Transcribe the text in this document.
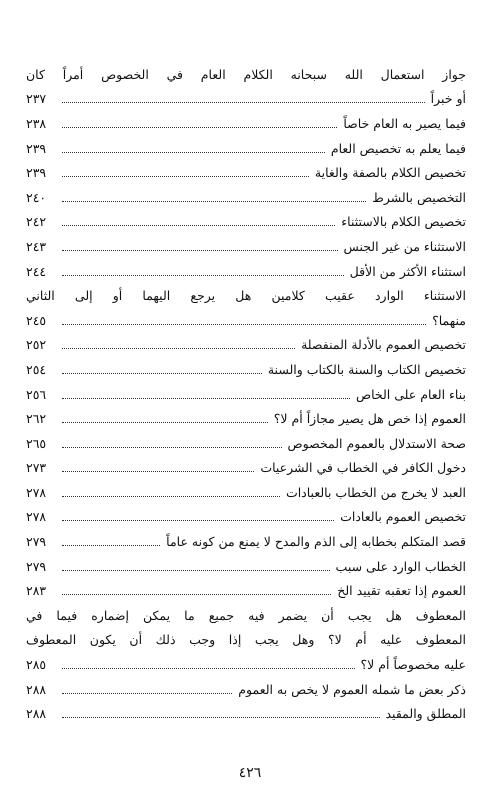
جواز استعمال الله سبحانه الكلام العام في الخصوص أمراً كان
أو خبراً
٢٣٧
فيما يصير به العام خاصاً
٢٣٨
فيما يعلم به تخصيص العام
٢٣٩
تخصيص الكلام بالصفة والغاية
٢٣٩
التخصيص بالشرط
٢٤٠
تخصيص الكلام بالاستثناء
٢٤٢
الاستثناء من غير الجنس
٢٤٣
استثناء الأكثر من الأقل
٢٤٤
الاستثناء الوارد عقيب كلامين هل يرجع اليهما أو إلى الثاني
منهما؟
٢٤٥
تخصيص العموم بالأدلة المنفصلة
٢٥٢
تخصيص الكتاب والسنة بالكتاب والسنة
٢٥٤
بناء العام على الخاص
٢٥٦
العموم إذا خص هل يصير مجازاً أم لا؟
٢٦٢
صحة الاستدلال بالعموم المخصوص
٢٦٥
دخول الكافر في الخطاب في الشرعيات
٢٧٣
العبد لا يخرج من الخطاب بالعبادات
٢٧٨
تخصيص العموم بالعادات
٢٧٨
قصد المتكلم بخطابه إلى الذم والمدح لا يمنع من كونه عاماً
٢٧٩
الخطاب الوارد على سبب
٢٧٩
العموم إذا تعقبه تقييد الخ
٢٨٣
المعطوف هل يجب أن يضمر فيه جميع ما يمكن إضماره فيما في
المعطوف عليه أم لا؟ وهل يجب إذا وجب ذلك أن يكون المعطوف
عليه مخصوصاً أم لا؟
٢٨٥
ذكر بعض ما شمله العموم لا يخص به العموم
٢٨٨
المطلق والمقيد
٢٨٨
٤٢٦
